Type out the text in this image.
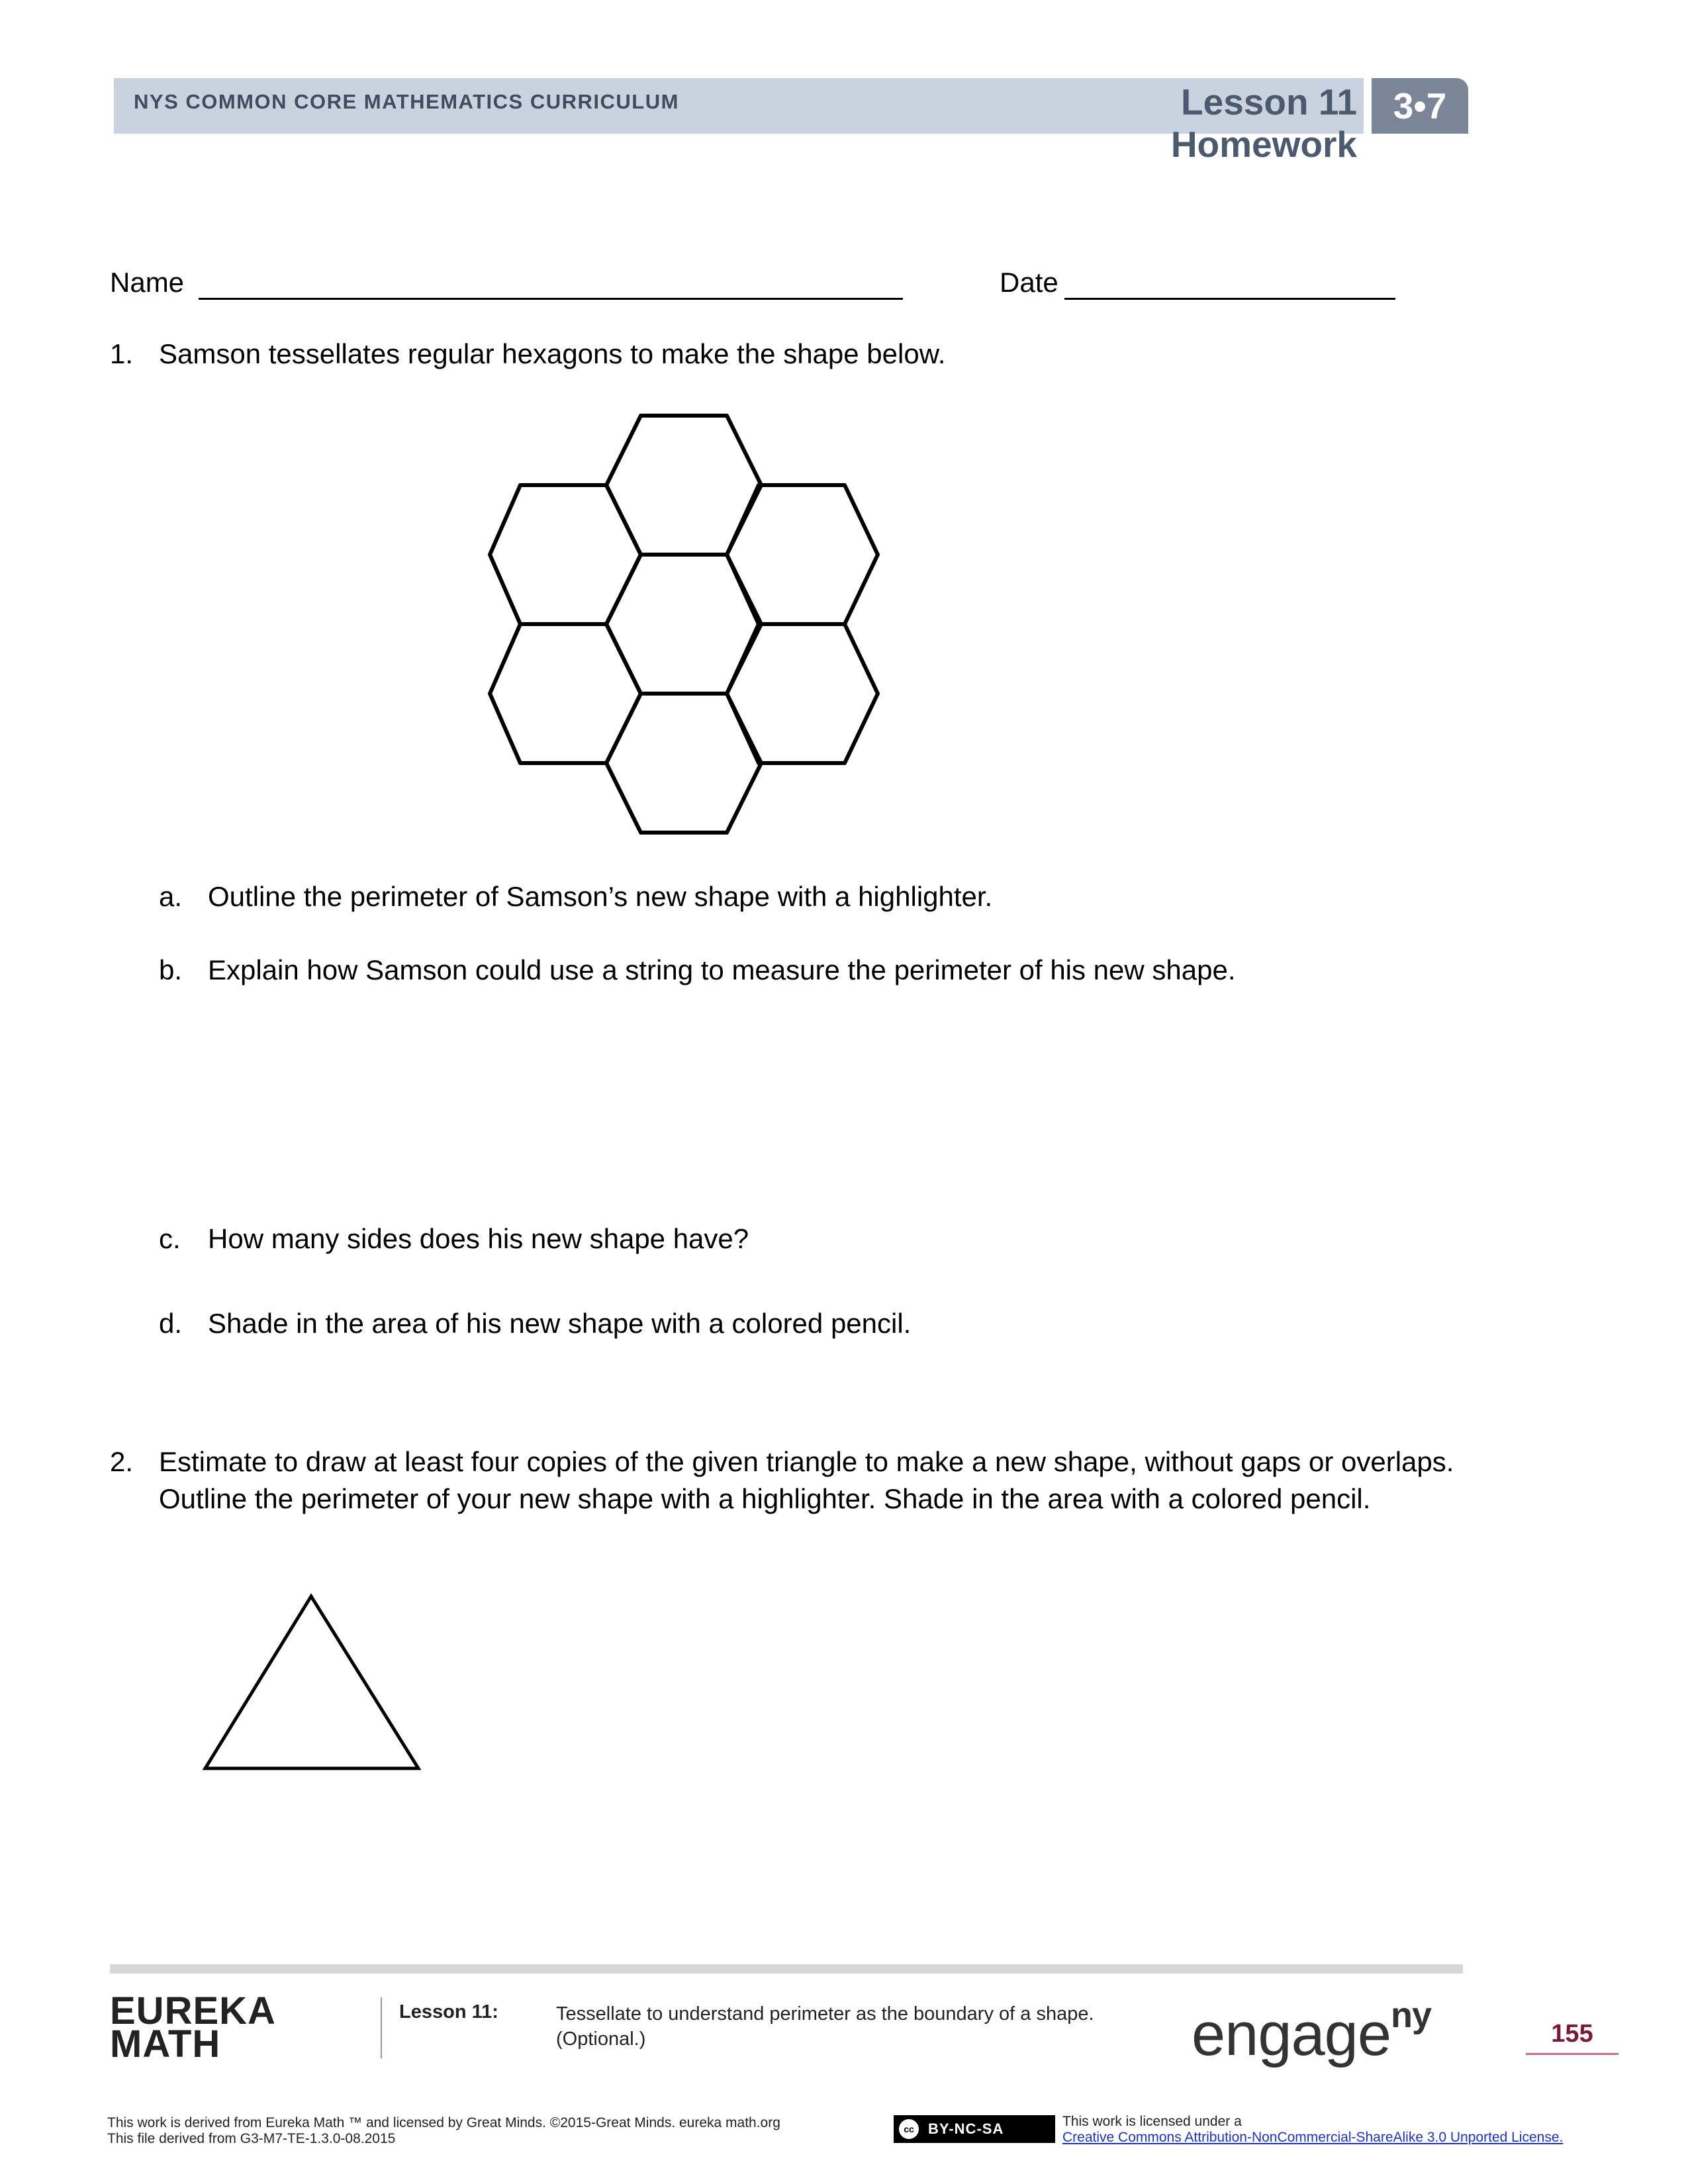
NYS COMMON CORE MATHEMATICS CURRICULUM	Lesson 11 Homework
3•7
Name	Date
1. Samson tessellates regular hexagons to make the shape below.
a. Outline the perimeter of Samson’s new shape with a highlighter.
b. Explain how Samson could use a string to measure the perimeter of his new shape.
c. How many sides does his new shape have?
d. Shade in the area of his new shape with a colored pencil.
2. Estimate to draw at least four copies of the given triangle to make a new shape, without gaps or overlaps.
Outline the perimeter of your new shape with a highlighter. Shade in the area with a colored pencil.
EUREKA
MATH
Lesson 11:	Tessellate to understand perimeter as the boundary of a shape.
(Optional.)	engage$^{ny}$	155
This work is derived from Eureka Math ™ and licensed by Great Minds. ©2015-Great Minds. eureka math.org
This file derived from G3-M7-TE-1.3.0-08.2015
cc BY-NC-SA	This work is licensed under a
Creative Commons Attribution-NonCommercial-ShareAlike 3.0 Unported License.
